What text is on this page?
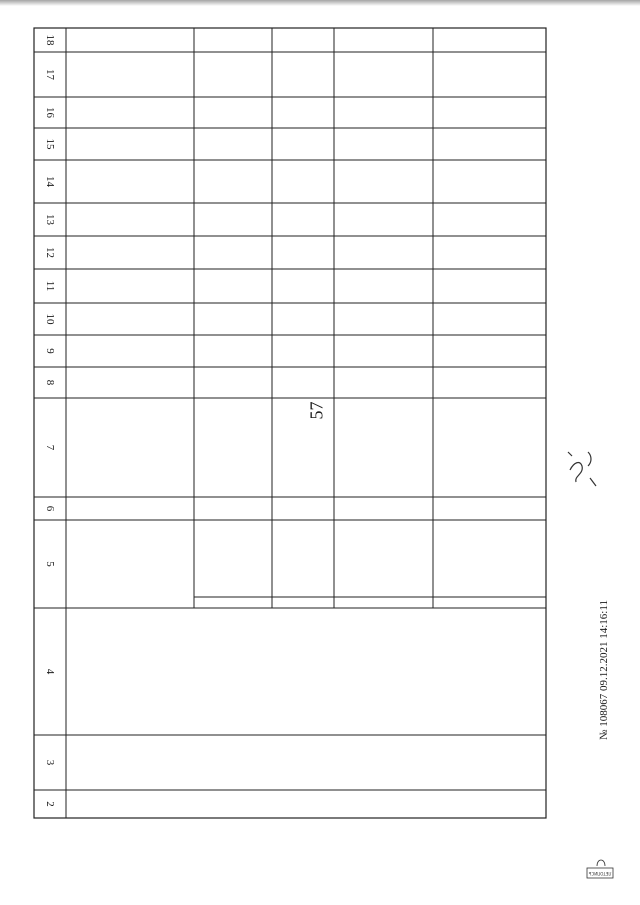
57
18
17
16
15
14
13
12
11
10
9
8
7
6
5
4
3
2
ЛЕТОПИСЬ
№ 108067 09.12.2021 14:16:11
